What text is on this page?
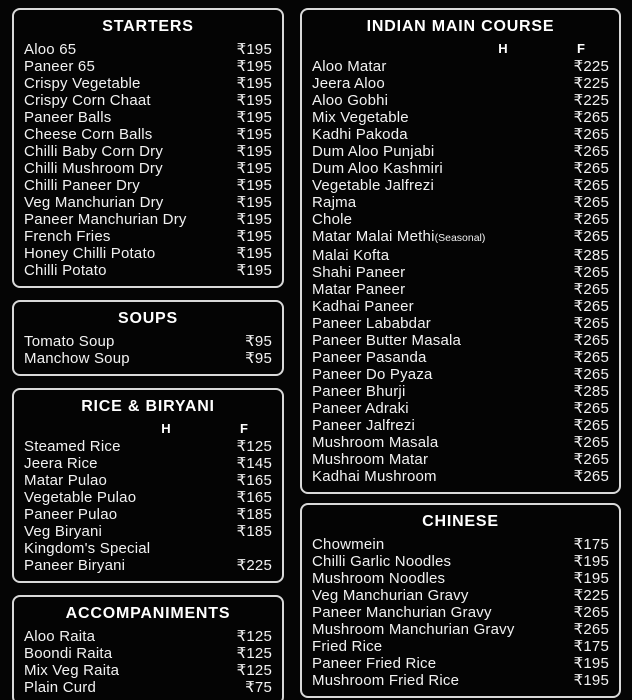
STARTERS
Aloo 65	₹195
Paneer 65	₹195
Crispy Vegetable	₹195
Crispy Corn Chaat	₹195
Paneer Balls	₹195
Cheese Corn Balls	₹195
Chilli Baby Corn Dry	₹195
Chilli Mushroom Dry	₹195
Chilli Paneer Dry	₹195
Veg Manchurian Dry	₹195
Paneer Manchurian Dry	₹195
French Fries	₹195
Honey Chilli Potato	₹195
Chilli Potato	₹195
SOUPS
Tomato Soup	₹95
Manchow Soup	₹95
RICE & BIRYANI
H	F
Steamed Rice	₹125
Jeera Rice	₹145
Matar Pulao	₹165
Vegetable Pulao	₹165
Paneer Pulao	₹185
Veg Biryani	₹185
Kingdom's Special
Paneer Biryani	₹225
ACCOMPANIMENTS
Aloo Raita	₹125
Boondi Raita	₹125
Mix Veg Raita	₹125
Plain Curd	₹75
INDIAN MAIN COURSE
H	F
Aloo Matar	₹225
Jeera Aloo	₹225
Aloo Gobhi	₹225
Mix Vegetable	₹265
Kadhi Pakoda	₹265
Dum Aloo Punjabi	₹265
Dum Aloo Kashmiri	₹265
Vegetable Jalfrezi	₹265
Rajma	₹265
Chole	₹265
Matar Malai Methi(Seasonal)	₹265
Malai Kofta	₹285
Shahi Paneer	₹265
Matar Paneer	₹265
Kadhai Paneer	₹265
Paneer Lababdar	₹265
Paneer Butter Masala	₹265
Paneer Pasanda	₹265
Paneer Do Pyaza	₹265
Paneer Bhurji	₹285
Paneer Adraki	₹265
Paneer Jalfrezi	₹265
Mushroom Masala	₹265
Mushroom Matar	₹265
Kadhai Mushroom	₹265
CHINESE
Chowmein	₹175
Chilli Garlic Noodles	₹195
Mushroom Noodles	₹195
Veg Manchurian Gravy	₹225
Paneer Manchurian Gravy	₹265
Mushroom Manchurian Gravy	₹265
Fried Rice	₹175
Paneer Fried Rice	₹195
Mushroom Fried Rice	₹195
